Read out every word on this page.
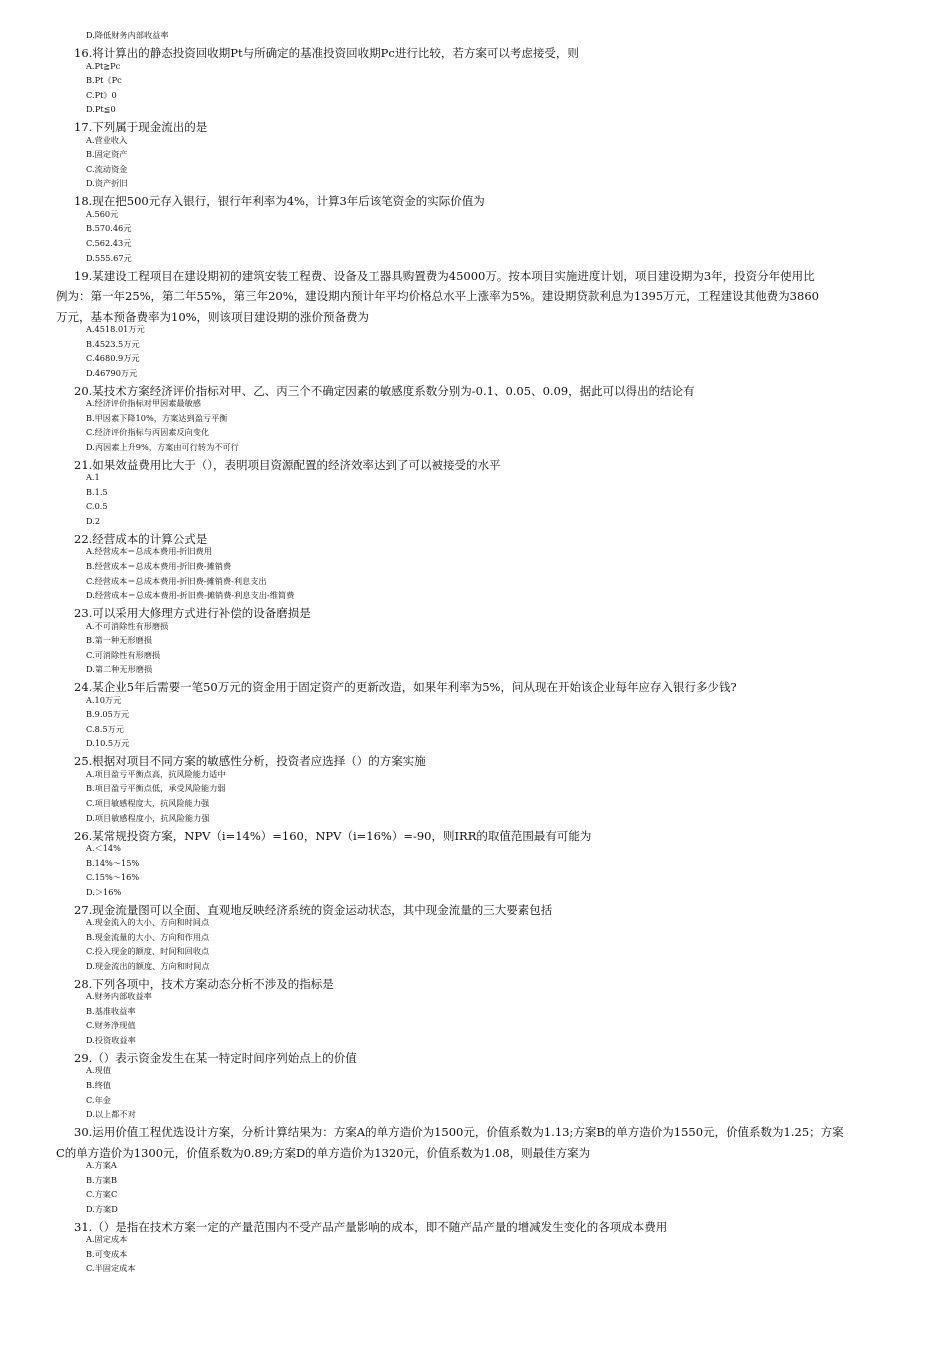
D.降低财务内部收益率
16.将计算出的静态投资回收期Pt与所确定的基准投资回收期Pc进行比较，若方案可以考虑接受，则
A.Pt≧Pc
B.Pt《Pc
C.Pt》0
D.Pt≦0
17.下列属于现金流出的是
A.营业收入
B.固定资产
C.流动资金
D.资产折旧
18.现在把500元存入银行，银行年利率为4%，计算3年后该笔资金的实际价值为
A.560元
B.570.46元
C.562.43元
D.555.67元
19.某建设工程项目在建设期初的建筑安装工程费、设备及工器具购置费为45000万。按本项目实施进度计划，项目建设期为3年，投资分年使用比
例为：第一年25%，第二年55%，第三年20%，建设期内预计年平均价格总水平上涨率为5%。建设期贷款利息为1395万元，工程建设其他费为3860
万元，基本预备费率为10%，则该项目建设期的涨价预备费为
A.4518.01万元
B.4523.5万元
C.4680.9万元
D.46790万元
20.某技术方案经济评价指标对甲、乙、丙三个不确定因素的敏感度系数分别为-0.1、0.05、0.09，据此可以得出的结论有
A.经济评价指标对甲因素最敏感
B.甲因素下降10%，方案达到盈亏平衡
C.经济评价指标与丙因素反向变化
D.丙因素上升9%，方案由可行转为不可行
21.如果效益费用比大于（），表明项目资源配置的经济效率达到了可以被接受的水平
A.1
B.1.5
C.0.5
D.2
22.经营成本的计算公式是
A.经营成本＝总成本费用-折旧费用
B.经营成本＝总成本费用-折旧费-摊销费
C.经营成本＝总成本费用-折旧费-摊销费-利息支出
D.经营成本＝总成本费用-折旧费-摊销费-利息支出-维简费
23.可以采用大修理方式进行补偿的设备磨损是
A.不可消除性有形磨损
B.第一种无形磨损
C.可消除性有形磨损
D.第二种无形磨损
24.某企业5年后需要一笔50万元的资金用于固定资产的更新改造，如果年利率为5%，问从现在开始该企业每年应存入银行多少钱?
A.10万元
B.9.05万元
C.8.5万元
D.10.5万元
25.根据对项目不同方案的敏感性分析，投资者应选择（）的方案实施
A.项目盈亏平衡点高，抗风险能力适中
B.项目盈亏平衡点低，承受风险能力弱
C.项目敏感程度大，抗风险能力强
D.项目敏感程度小，抗风险能力强
26.某常规投资方案，NPV（i=14%）=160，NPV（i=16%）=-90，则IRR的取值范围最有可能为
A.＜14%
B.14%～15%
C.15%～16%
D.＞16%
27.现金流量图可以全面、直观地反映经济系统的资金运动状态，其中现金流量的三大要素包括
A.现金流入的大小、方向和时间点
B.现金流量的大小、方向和作用点
C.投入现金的额度、时间和回收点
D.现金流出的额度、方向和时间点
28.下列各项中，技术方案动态分析不涉及的指标是
A.财务内部收益率
B.基准收益率
C.财务净现值
D.投资收益率
29.（）表示资金发生在某一特定时间序列始点上的价值
A.现值
B.终值
C.年金
D.以上都不对
30.运用价值工程优选设计方案，分析计算结果为：方案A的单方造价为1500元，价值系数为1.13;方案B的单方造价为1550元，价值系数为1.25；方案
C的单方造价为1300元，价值系数为0.89;方案D的单方造价为1320元，价值系数为1.08，则最佳方案为
A.方案A
B.方案B
C.方案C
D.方案D
31.（）是指在技术方案一定的产量范围内不受产品产量影响的成本，即不随产品产量的增减发生变化的各项成本费用
A.固定成本
B.可变成本
C.半固定成本
